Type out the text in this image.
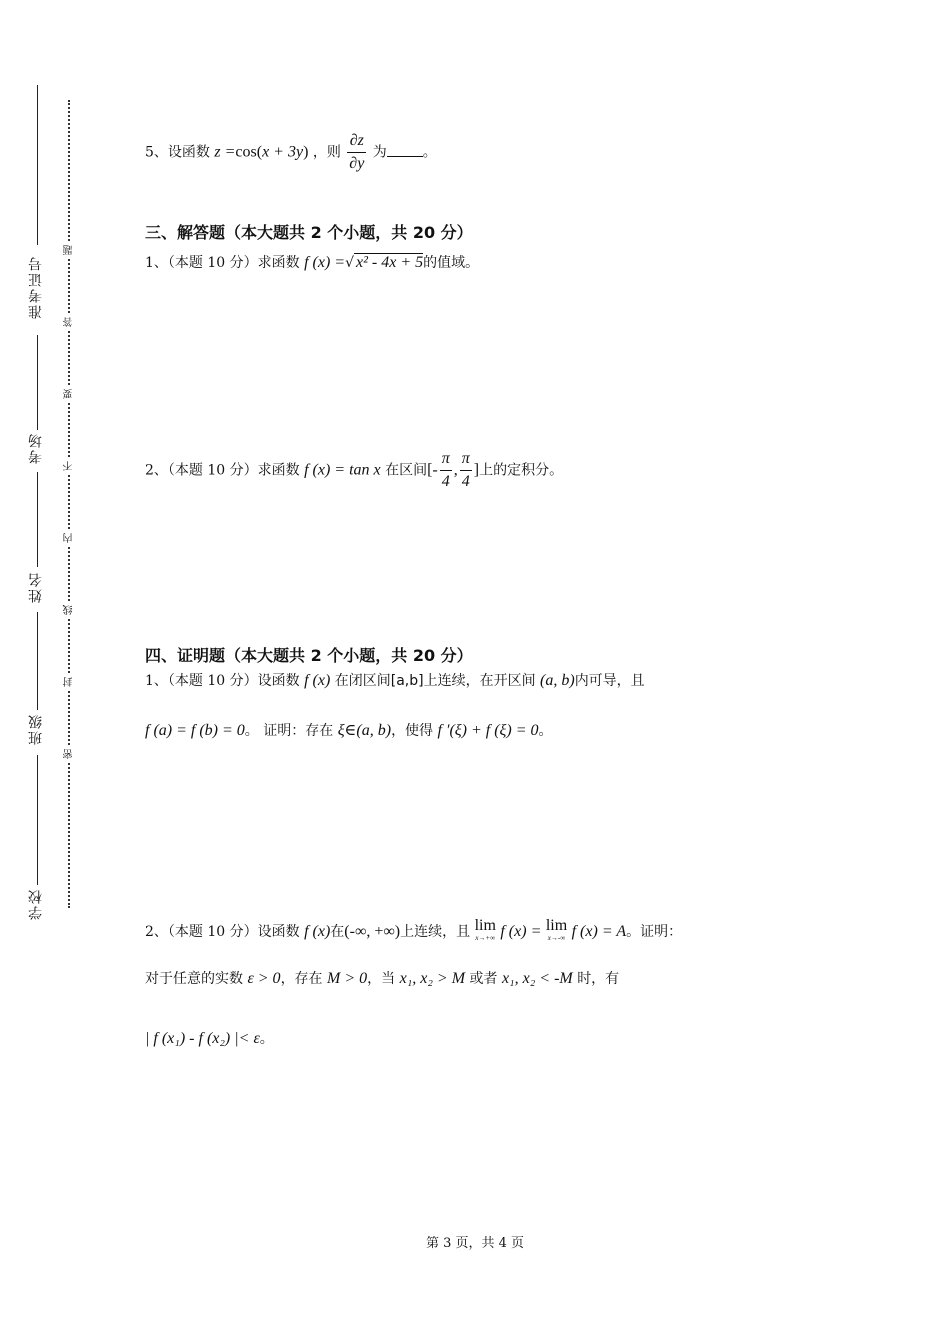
准考证号
考场
姓名
班级
学校
题
答
要
不
内
线
封
密
5、设函数 z =cos(x + 3y) ，则 $\frac{\partial z}{\partial y}$ 为	。
三、解答题（本大题共 2 个小题，共 20 分）
1、（本题 10 分）求函数 f (x) =√ x² - 4x + 5的值域。
2、（本题 10 分）求函数 f (x) = tan x 在区间[- $\frac{\pi}{4}$ , $\frac{\pi}{4}$ ]上的定积分。
四、证明题（本大题共 2 个小题，共 20 分）
1、（本题 10 分）设函数 f (x) 在闭区间[a,b]上连续，在开区间 (a, b)内可导，且
f (a) = f (b) = 0。 证明：存在 ξ∈(a, b)，使得 f ′(ξ) + f (ξ) = 0。
2、（本题 10 分）设函数 f (x)在(-∞, +∞)上连续，且 lim
x→+∞ f (x) = lim
x→-∞ f (x) = A。证明：
对于任意的实数 ε > 0，存在 M > 0，当 x₁, x₂ > M 或者 x₁, x₂ < -M 时，有
| f (x₁) - f (x₂) |< ε。
第 3 页，共 4 页
